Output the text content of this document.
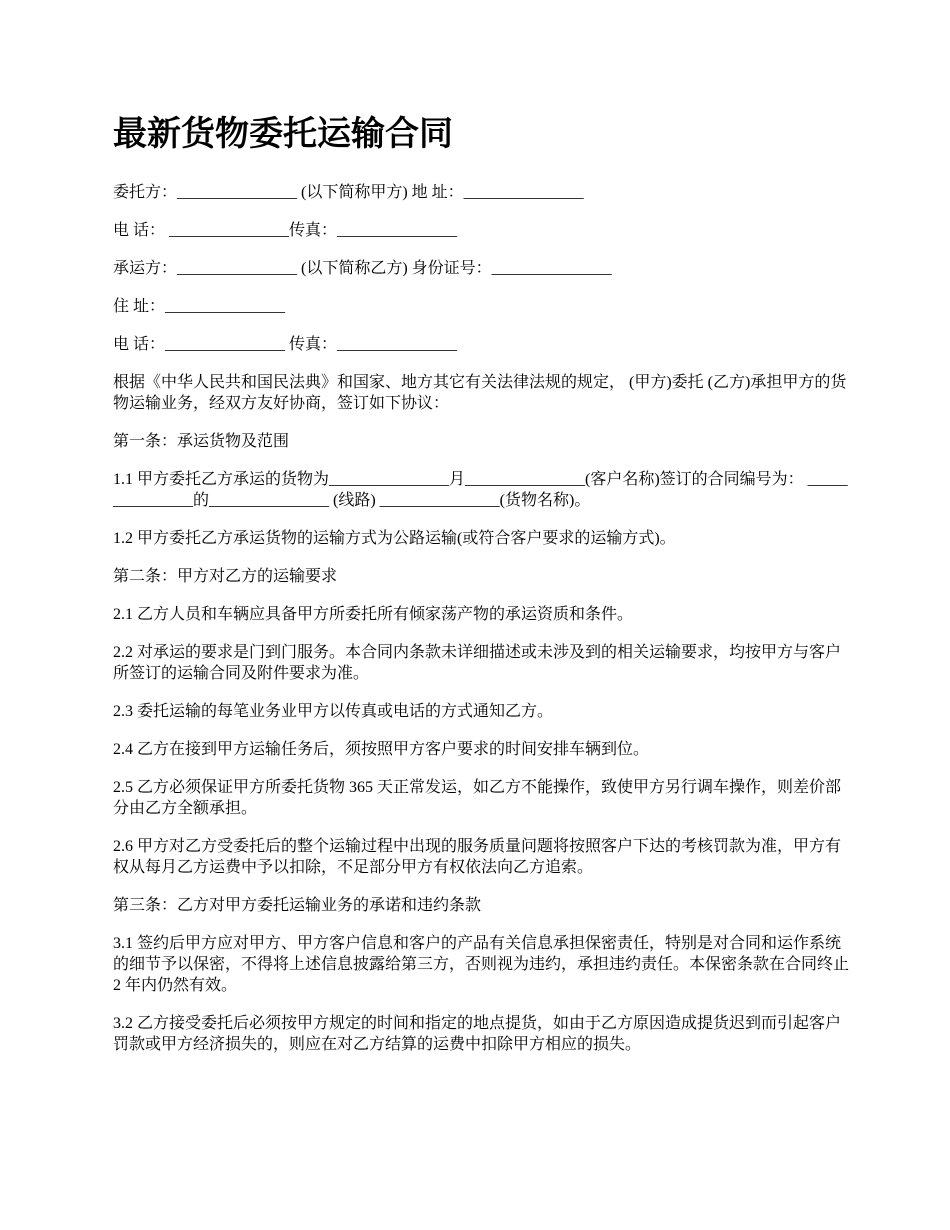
最新货物委托运输合同

委托方：_______________ (以下简称甲方) 地 址：_______________

电 话： _______________传真：_______________

承运方：_______________ (以下简称乙方) 身份证号：_______________

住 址：_______________

电 话：_______________ 传真：_______________

根据《中华人民共和国民法典》和国家、地方其它有关法律法规的规定， (甲方)委托 (乙方)承担甲方的货物运输业务，经双方友好协商，签订如下协议：

第一条：承运货物及范围

1.1 甲方委托乙方承运的货物为_______________月_______________(客户名称)签订的合同编号为： _______________的_______________ (线路) _______________(货物名称)。

1.2 甲方委托乙方承运货物的运输方式为公路运输(或符合客户要求的运输方式)。

第二条：甲方对乙方的运输要求

2.1 乙方人员和车辆应具备甲方所委托所有倾家荡产物的承运资质和条件。

2.2 对承运的要求是门到门服务。本合同内条款未详细描述或未涉及到的相关运输要求，均按甲方与客户所签订的运输合同及附件要求为准。

2.3 委托运输的每笔业务业甲方以传真或电话的方式通知乙方。

2.4 乙方在接到甲方运输任务后，须按照甲方客户要求的时间安排车辆到位。

2.5 乙方必须保证甲方所委托货物 365 天正常发运，如乙方不能操作，致使甲方另行调车操作，则差价部分由乙方全额承担。

2.6 甲方对乙方受委托后的整个运输过程中出现的服务质量问题将按照客户下达的考核罚款为准，甲方有权从每月乙方运费中予以扣除，不足部分甲方有权依法向乙方追索。

第三条：乙方对甲方委托运输业务的承诺和违约条款

3.1 签约后甲方应对甲方、甲方客户信息和客户的产品有关信息承担保密责任，特别是对合同和运作系统的细节予以保密，不得将上述信息披露给第三方，否则视为违约，承担违约责任。本保密条款在合同终止 2 年内仍然有效。

3.2 乙方接受委托后必须按甲方规定的时间和指定的地点提货，如由于乙方原因造成提货迟到而引起客户罚款或甲方经济损失的，则应在对乙方结算的运费中扣除甲方相应的损失。
